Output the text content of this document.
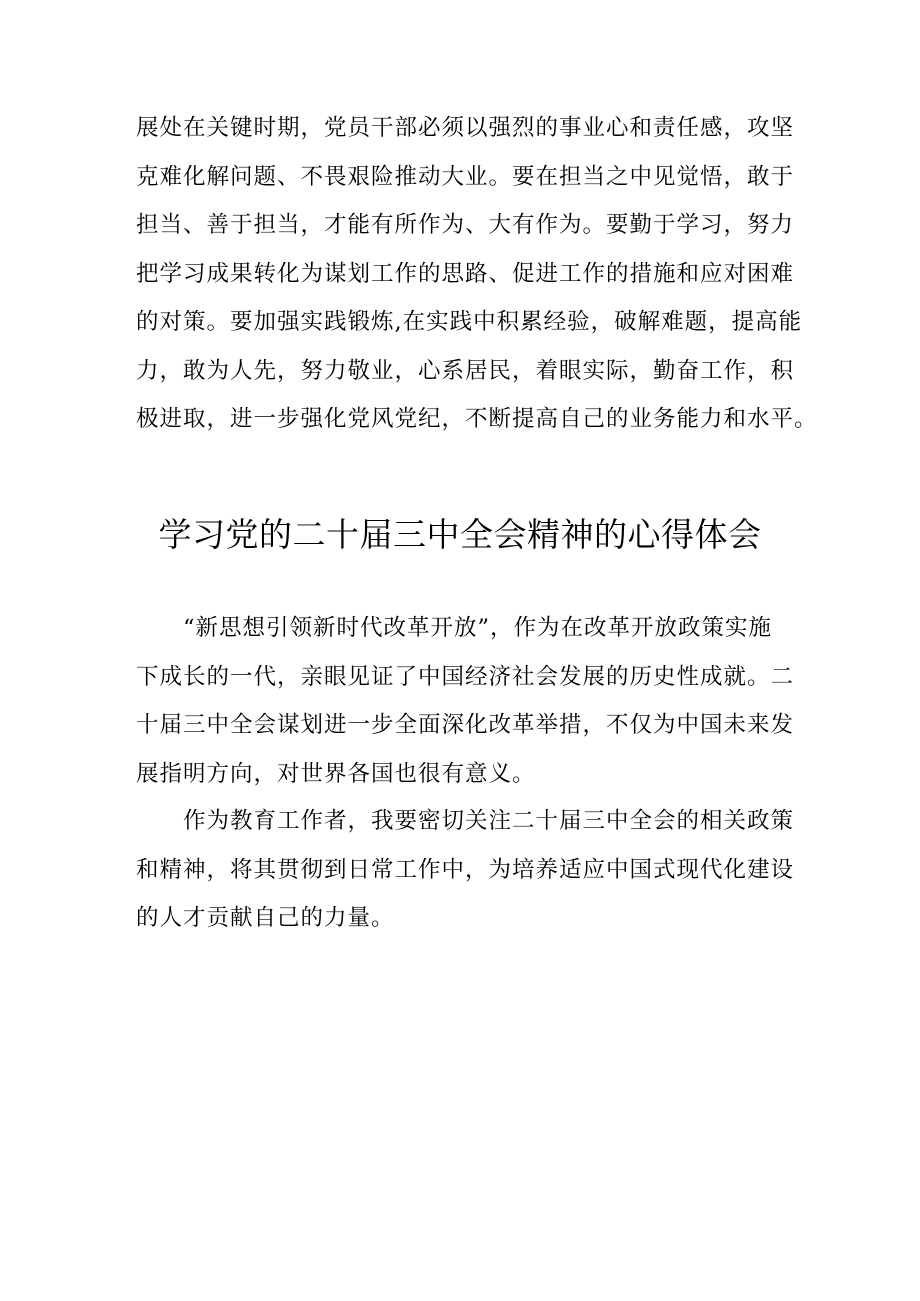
展处在关键时期，党员干部必须以强烈的事业心和责任感，攻坚
克难化解问题、不畏艰险推动大业。要在担当之中见觉悟，敢于
担当、善于担当，才能有所作为、大有作为。要勤于学习，努力
把学习成果转化为谋划工作的思路、促进工作的措施和应对困难
的对策。要加强实践锻炼,在实践中积累经验，破解难题，提高能
力，敢为人先，努力敬业，心系居民，着眼实际，勤奋工作，积
极进取，进一步强化党风党纪，不断提高自己的业务能力和水平。
学习党的二十届三中全会精神的心得体会
　　“新思想引领新时代改革开放”，作为在改革开放政策实施
下成长的一代，亲眼见证了中国经济社会发展的历史性成就。二
十届三中全会谋划进一步全面深化改革举措，不仅为中国未来发
展指明方向，对世界各国也很有意义。
　　作为教育工作者，我要密切关注二十届三中全会的相关政策
和精神，将其贯彻到日常工作中，为培养适应中国式现代化建设
的人才贡献自己的力量。
